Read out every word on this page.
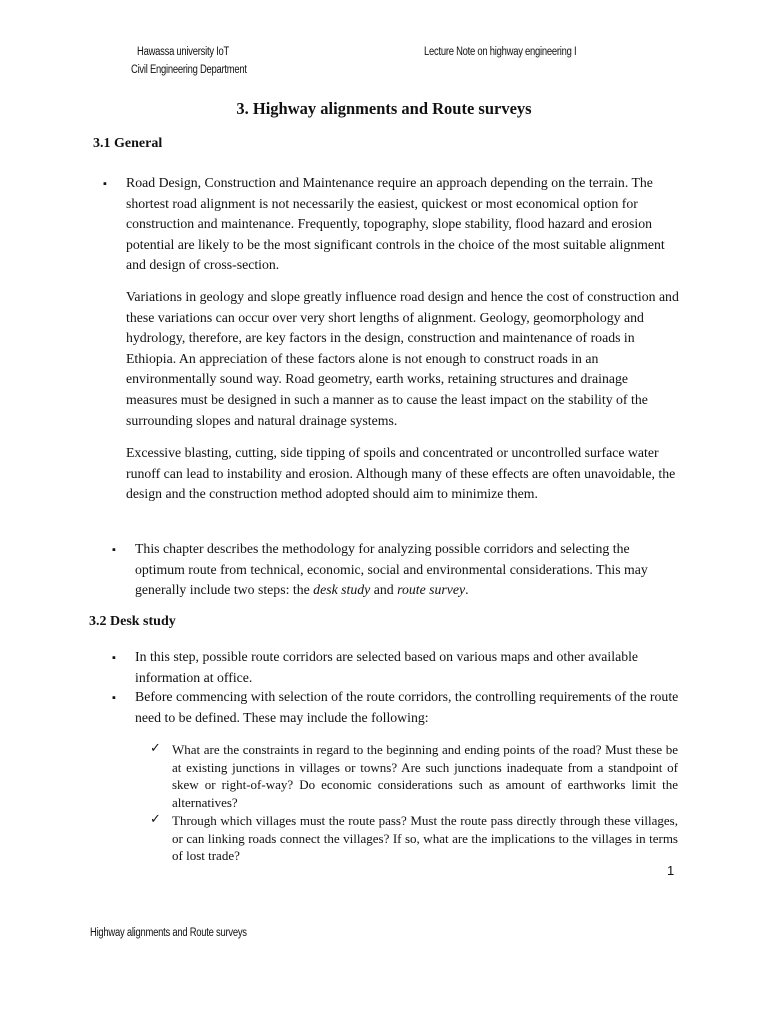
Hawassa university IoT
Civil Engineering Department
Lecture Note on highway engineering I
3. Highway alignments and Route surveys
3.1 General
▪ Road Design, Construction and Maintenance require an approach depending on the terrain. The shortest road alignment is not necessarily the easiest, quickest or most economical option for construction and maintenance. Frequently, topography, slope stability, flood hazard and erosion potential are likely to be the most significant controls in the choice of the most suitable alignment and design of cross-section.
Variations in geology and slope greatly influence road design and hence the cost of construction and these variations can occur over very short lengths of alignment. Geology, geomorphology and hydrology, therefore, are key factors in the design, construction and maintenance of roads in Ethiopia. An appreciation of these factors alone is not enough to construct roads in an environmentally sound way. Road geometry, earth works, retaining structures and drainage measures must be designed in such a manner as to cause the least impact on the stability of the surrounding slopes and natural drainage systems.
Excessive blasting, cutting, side tipping of spoils and concentrated or uncontrolled surface water runoff can lead to instability and erosion. Although many of these effects are often unavoidable, the design and the construction method adopted should aim to minimize them.
▪ This chapter describes the methodology for analyzing possible corridors and selecting the optimum route from technical, economic, social and environmental considerations. This may generally include two steps: the desk study and route survey.
3.2 Desk study
▪ In this step, possible route corridors are selected based on various maps and other available information at office.
▪ Before commencing with selection of the route corridors, the controlling requirements of the route need to be defined. These may include the following:
✓ What are the constraints in regard to the beginning and ending points of the road? Must these be at existing junctions in villages or towns? Are such junctions inadequate from a standpoint of skew or right-of-way? Do economic considerations such as amount of earthworks limit the alternatives?
✓ Through which villages must the route pass? Must the route pass directly through these villages, or can linking roads connect the villages? If so, what are the implications to the villages in terms of lost trade?
1
Highway alignments and Route surveys
